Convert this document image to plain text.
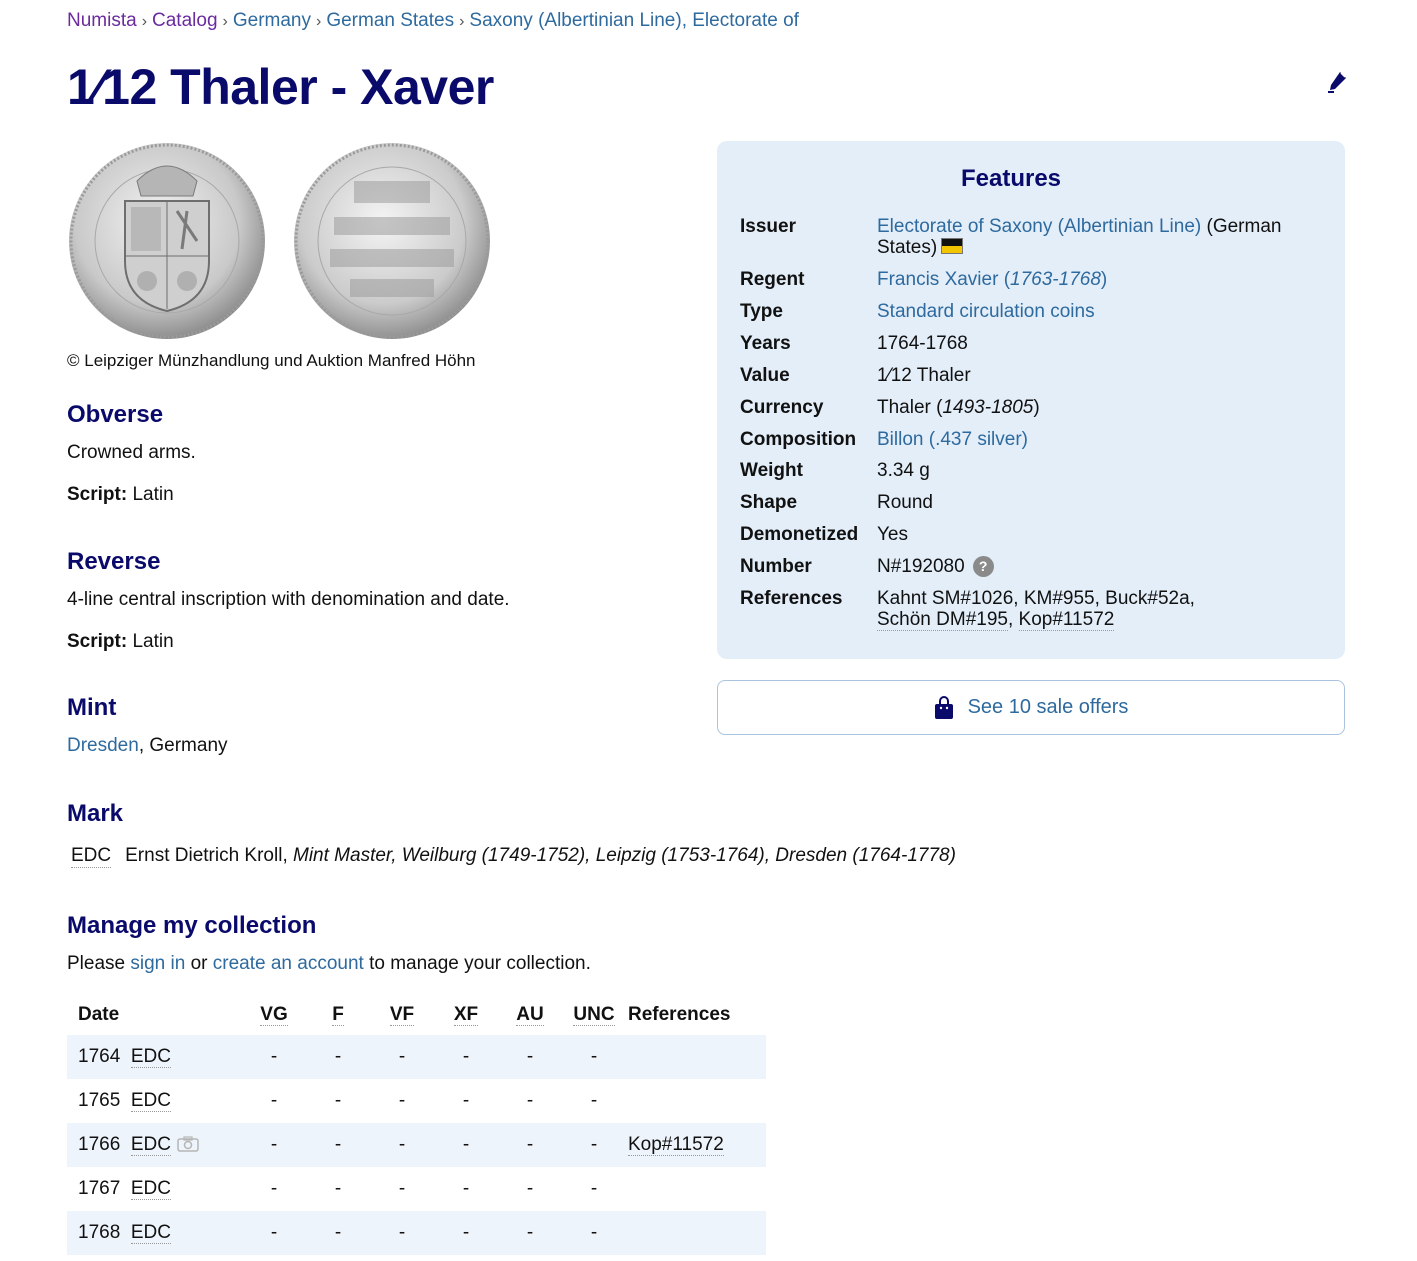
Numista › Catalog › Germany › German States › Saxony (Albertinian Line), Electorate of
1⁄12 Thaler - Xaver
© Leipziger Münzhandlung und Auktion Manfred Höhn
Obverse

Crowned arms.

Script: Latin

Reverse

4-line central inscription with denomination and date.

Script: Latin

Mint

Dresden, Germany

Mark

EDC Ernst Dietrich Kroll, Mint Master, Weilburg (1749-1752), Leipzig (1753-1764), Dresden (1764-1778)

Manage my collection

Please sign in or create an account to manage your collection.

Date	VG	F	VF	XF	AU	UNC	References
1764 EDC	-	-	-	-	-	-	
1765 EDC	-	-	-	-	-	-	
1766 EDC	-	-	-	-	-	-	Kop#11572
1767 EDC	-	-	-	-	-	-	
1768 EDC	-	-	-	-	-	-	
Features
Issuer	Electorate of Saxony (Albertinian Line) (German States)
Regent	Francis Xavier (1763-1768)
Type	Standard circulation coins
Years	1764-1768
Value	1⁄12 Thaler
Currency	Thaler (1493-1805)
Composition	Billon (.437 silver)
Weight	3.34 g
Shape	Round
Demonetized Yes
Number	N#192080 ?
References	Kahnt SM#1026, KM#955, Buck#52a,
Schön DM#195, Kop#11572
See 10 sale offers
